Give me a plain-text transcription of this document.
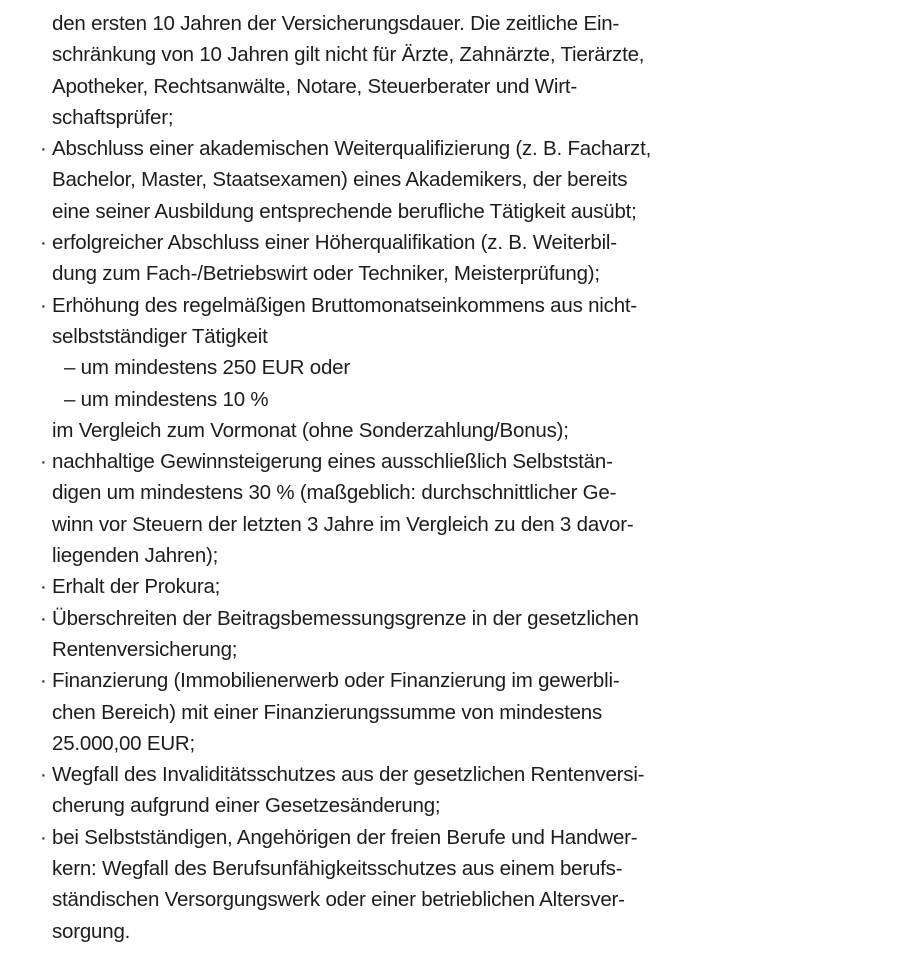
den ersten 10 Jahren der Versicherungsdauer. Die zeitliche Ein-
schränkung von 10 Jahren gilt nicht für Ärzte, Zahnärzte, Tierärzte,
Apotheker, Rechtsanwälte, Notare, Steuerberater und Wirt-
schaftsprüfer;
· Abschluss einer akademischen Weiterqualifizierung (z. B. Facharzt,
Bachelor, Master, Staatsexamen) eines Akademikers, der bereits
eine seiner Ausbildung entsprechende berufliche Tätigkeit ausübt;
· erfolgreicher Abschluss einer Höherqualifikation (z. B. Weiterbil-
dung zum Fach-/Betriebswirt oder Techniker, Meisterprüfung);
· Erhöhung des regelmäßigen Bruttomonatseinkommens aus nicht-
selbstständiger Tätigkeit
– um mindestens 250 EUR oder
– um mindestens 10 %
im Vergleich zum Vormonat (ohne Sonderzahlung/Bonus);
· nachhaltige Gewinnsteigerung eines ausschließlich Selbststän-
digen um mindestens 30 % (maßgeblich: durchschnittlicher Ge-
winn vor Steuern der letzten 3 Jahre im Vergleich zu den 3 davor-
liegenden Jahren);
· Erhalt der Prokura;
· Überschreiten der Beitragsbemessungsgrenze in der gesetzlichen
Rentenversicherung;
· Finanzierung (Immobilienerwerb oder Finanzierung im gewerbli-
chen Bereich) mit einer Finanzierungssumme von mindestens
25.000,00 EUR;
· Wegfall des Invaliditätsschutzes aus der gesetzlichen Rentenversi-
cherung aufgrund einer Gesetzesänderung;
· bei Selbstständigen, Angehörigen der freien Berufe und Handwer-
kern: Wegfall des Berufsunfähigkeitsschutzes aus einem berufs-
ständischen Versorgungswerk oder einer betrieblichen Altersver-
sorgung.
